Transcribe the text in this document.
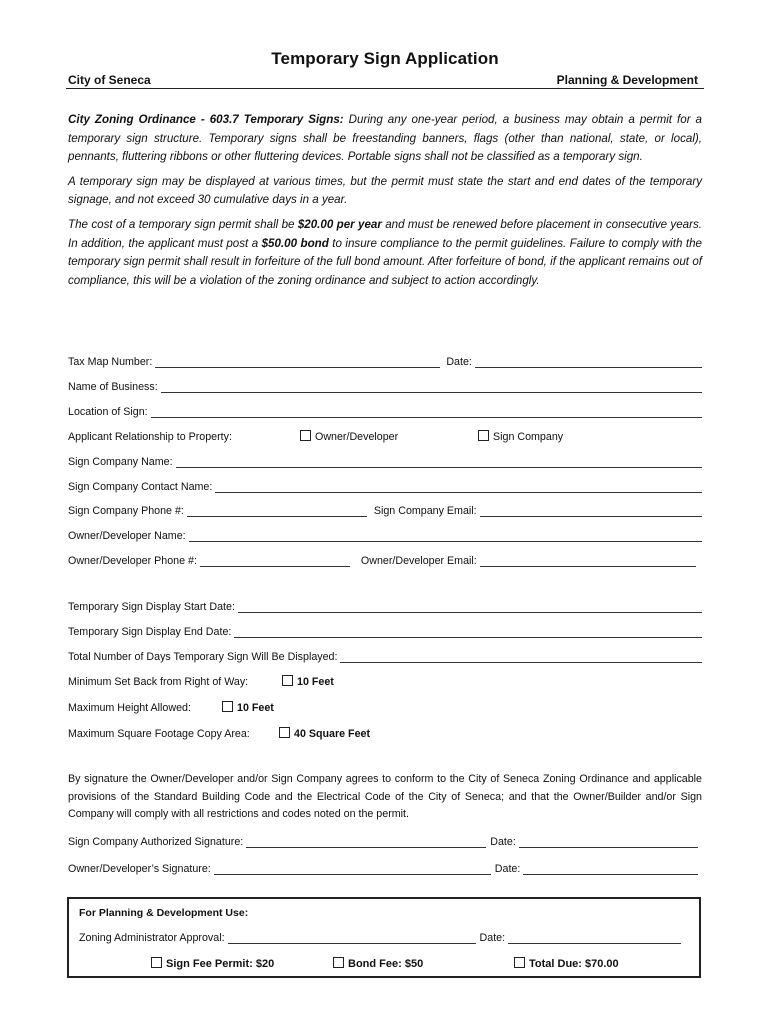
Temporary Sign Application
City of Seneca	Planning & Development

City Zoning Ordinance - 603.7 Temporary Signs: During any one-year period, a business may obtain a permit for a temporary sign structure. Temporary signs shall be freestanding banners, flags (other than national, state, or local), pennants, fluttering ribbons or other fluttering devices. Portable signs shall not be classified as a temporary sign.

A temporary sign may be displayed at various times, but the permit must state the start and end dates of the temporary signage, and not exceed 30 cumulative days in a year.

The cost of a temporary sign permit shall be $20.00 per year and must be renewed before placement in consecutive years. In addition, the applicant must post a $50.00 bond to insure compliance to the permit guidelines. Failure to comply with the temporary sign permit shall result in forfeiture of the full bond amount. After forfeiture of bond, if the applicant remains out of compliance, this will be a violation of the zoning ordinance and subject to action accordingly.

Tax Map Number:	Date:
Name of Business:
Location of Sign:
Applicant Relationship to Property:	Owner/Developer	Sign Company
Sign Company Name:
Sign Company Contact Name:
Sign Company Phone #:	Sign Company Email:
Owner/Developer Name:
Owner/Developer Phone #:	Owner/Developer Email:
Temporary Sign Display Start Date:
Temporary Sign Display End Date:
Total Number of Days Temporary Sign Will Be Displayed:
Minimum Set Back from Right of Way:	10 Feet
Maximum Height Allowed:	10 Feet
Maximum Square Footage Copy Area:	40 Square Feet
By signature the Owner/Developer and/or Sign Company agrees to conform to the City of Seneca Zoning Ordinance and applicable provisions of the Standard Building Code and the Electrical Code of the City of Seneca; and that the Owner/Builder and/or Sign Company will comply with all restrictions and codes noted on the permit.
Sign Company Authorized Signature:	Date:
Owner/Developer’s Signature:	Date:
For Planning & Development Use:
Zoning Administrator Approval:	Date:
Sign Fee Permit: $20	Bond Fee: $50	Total Due: $70.00
